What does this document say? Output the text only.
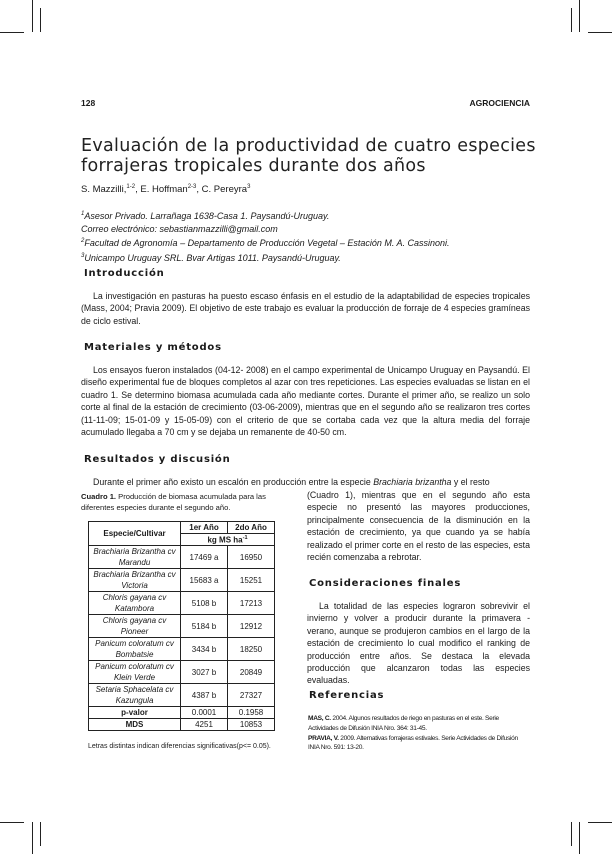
128	AGROCIENCIA
Evaluación de la productividad de cuatro especies forrajeras tropicales durante dos años
S. Mazzilli,$^{1-2}$, E. Hoffman$^{2-3}$, C. Pereyra$^3$
$^1$Asesor Privado. Larrañaga 1638-Casa 1. Paysandú-Uruguay.
Correo electrónico: sebastianmazzilli@gmail.com
$^2$Facultad de Agronomía – Departamento de Producción Vegetal – Estación M. A. Cassinoni.
$^3$Unicampo Uruguay SRL. Bvar Artigas 1011. Paysandú-Uruguay.
Introducción
La investigación en pasturas ha puesto escaso énfasis en el estudio de la adaptabilidad de especies tropicales (Mass, 2004; Pravia 2009). El objetivo de este trabajo es evaluar la producción de forraje de 4 especies gramíneas de ciclo estival.
Materiales y métodos
Los ensayos fueron instalados (04-12- 2008) en el campo experimental de Unicampo Uruguay en Paysandú. El diseño experimental fue de bloques completos al azar con tres repeticiones. Las especies evaluadas se listan en el cuadro 1. Se determino biomasa acumulada cada año mediante cortes. Durante el primer año, se realizo un solo corte al final de la estación de crecimiento (03-06-2009), mientras que en el segundo año se realizaron tres cortes (11-11-09; 15-01-09 y 15-05-09) con el criterio de que se cortaba cada vez que la altura media del forraje acumulado llegaba a 70 cm y se dejaba un remanente de 40-50 cm.
Resultados y discusión
Durante el primer año existo un escalón en producción entre la especie Brachiaria brizantha y el resto
Cuadro 1. Producción de biomasa acumulada para las diferentes especies durante el segundo año.
Especie/Cultivar	1er Año	2do Año
	kg MS $ha^{-1}$
Brachiaria Brizantha cv Marandu	17469 a	16950
Brachiaria Brizantha cv Victoria	15683 a	15251
Chloris gayana cv Katambora	5108 b	17213
Chloris gayana cv Pioneer	5184 b	12912
Panicum coloratum cv Bombatsie	3434 b	18250
Panicum coloratum cv Klein Verde	3027 b	20849
Setaria Sphacelata cv Kazungula	4387 b	27327
p-valor	0.0001	0.1958
MDS	4251	10853
Letras distintas indican diferencias significativas(p<= 0.05).
(Cuadro 1), mientras que en el segundo año esta especie no presentó las mayores producciones, principalmente consecuencia de la disminución en la estación de crecimiento, ya que cuando ya se había realizado el primer corte en el resto de las especies, esta recién comenzaba a rebrotar.
Consideraciones finales
La totalidad de las especies lograron sobrevivir el invierno y volver a producir durante la primavera - verano, aunque se produjeron cambios en el largo de la estación de crecimiento lo cual modifico el ranking de producción entre años. Se destaca la elevada producción que alcanzaron todas las especies evaluadas.
Referencias
MAS, C. 2004. Algunos resultados de riego en pasturas en el este. Serie Actividades de Difusión INIA Nro. 364: 31-45.
PRAVIA, V. 2009. Alternativas forrajeras estivales. Serie Actividades de Difusión INIA Nro. 591: 13-20.
